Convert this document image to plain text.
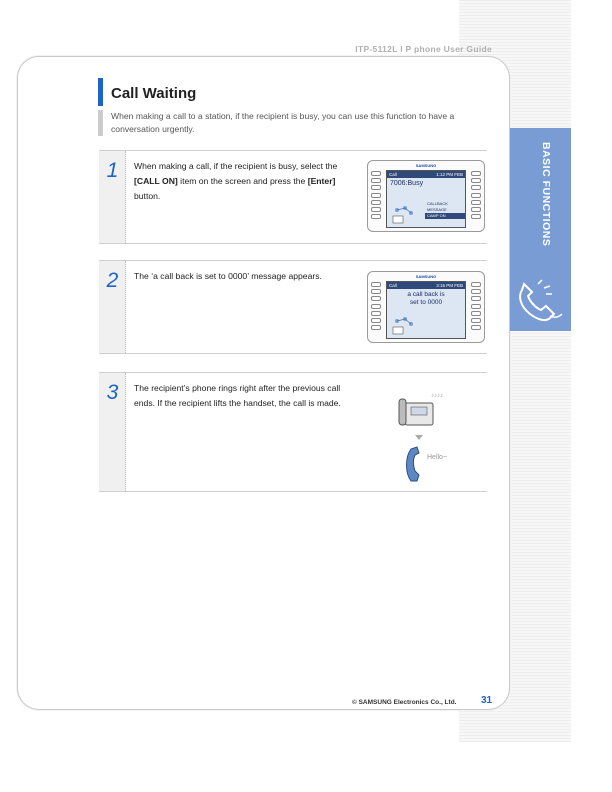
ITP-5112L I P phone User Guide
BASIC FUNCTIONS
Call Waiting
When making a call to a station, if the recipient is busy, you can use this function to have a conversation urgently.
1	When making a call, if the recipient is busy, select the [CALL ON] item on the screen and press the [Enter] button.
SAMSUNG
Call	1:12 PM FEB
7006:Busy
CALLBACK
MESSAGE
CAMP ON
2	The ‘a call back is set to 0000’ message appears.	SAMSUNG
Call	3:15 PM FEB
a call back is
set to 0000
3	The recipient’s phone rings right after the previous call ends. If the recipient lifts the handset, the call is made.
♪♪♪♪
Hello~
© SAMSUNG Electronics Co., Ltd. 31
